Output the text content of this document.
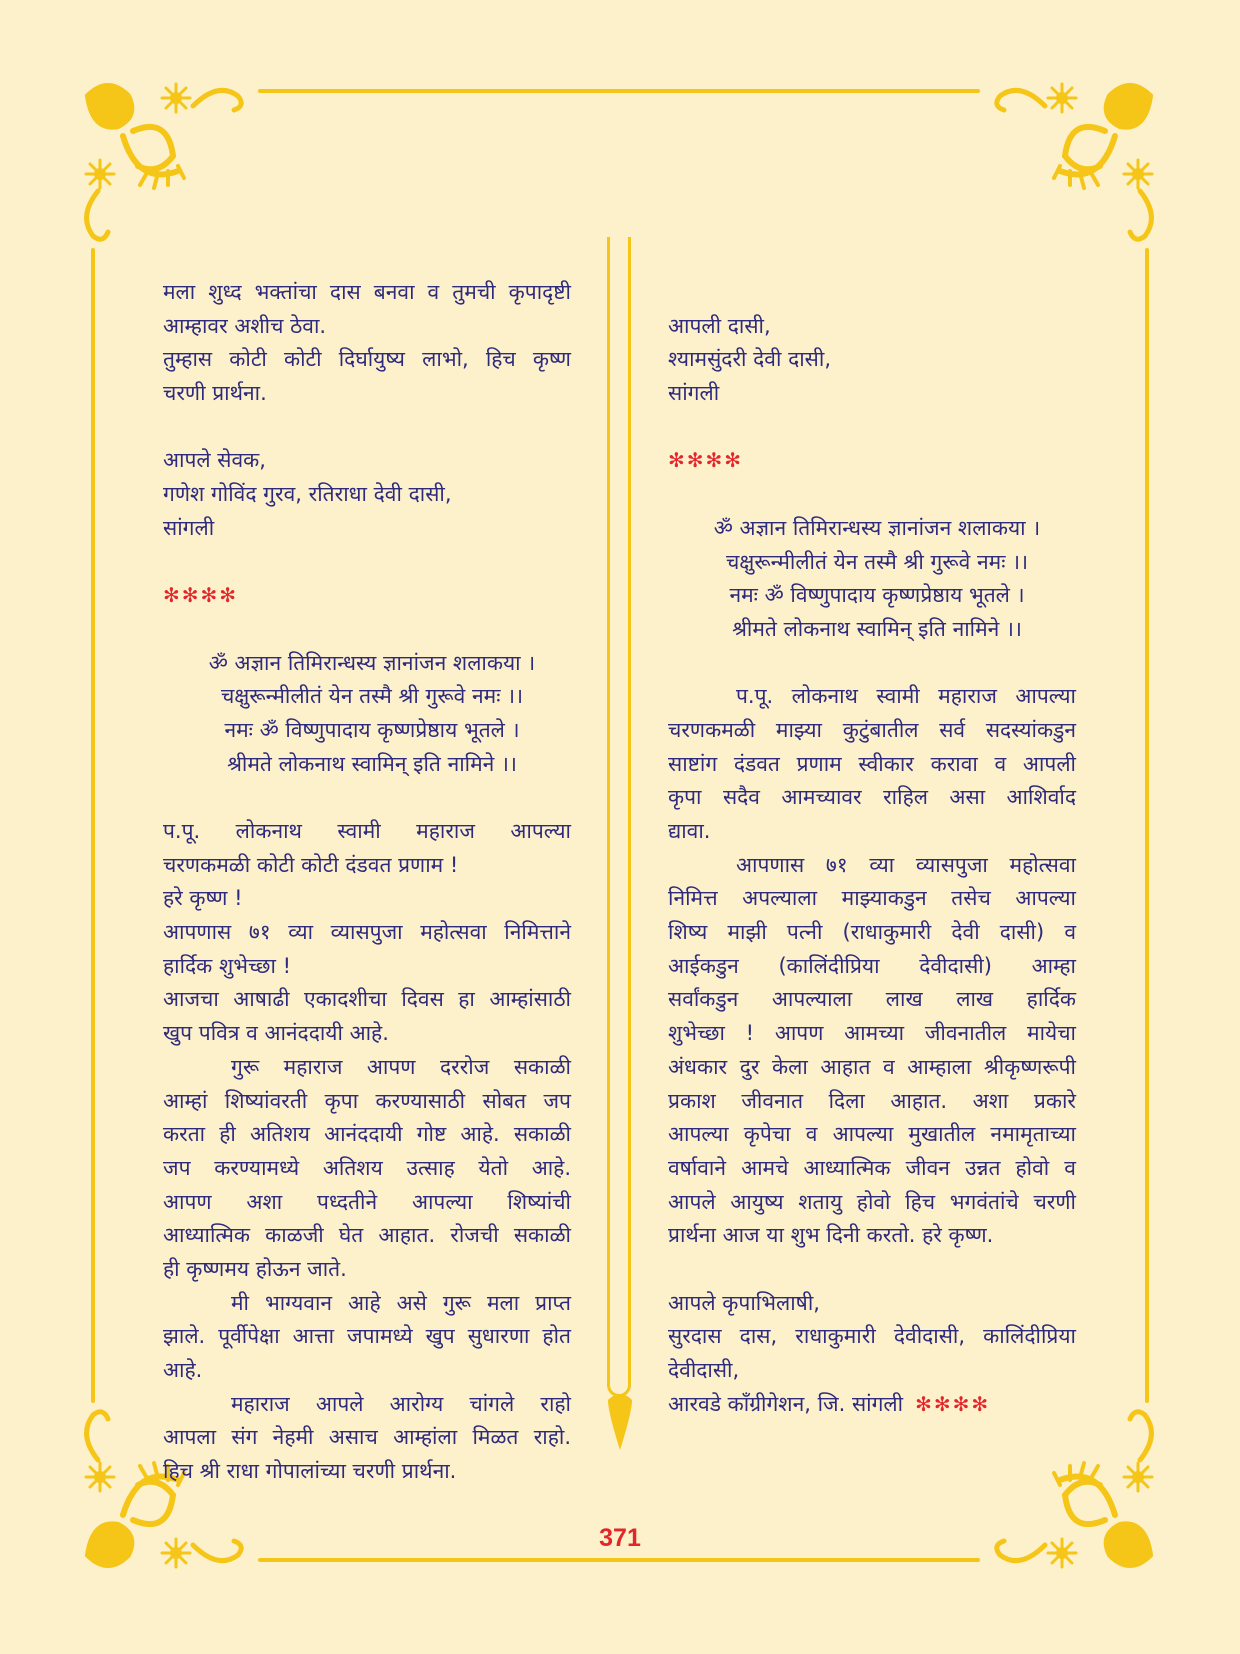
मला शुध्द भक्तांचा दास बनवा व तुमची कृपादृष्टी
आम्हावर अशीच ठेवा.
तुम्हास कोटी कोटी दिर्घायुष्य लाभो, हिच कृष्ण
चरणी प्रार्थना.
आपले सेवक,
गणेश गोविंद गुरव, रतिराधा देवी दासी,
सांगली
✻✻✻✻
ॐ अज्ञान तिमिरान्धस्य ज्ञानांजन शलाकया ।
चक्षुरून्मीलीतं येन तस्मै श्री गुरूवे नमः ।।
नमः ॐ विष्णुपादाय कृष्णप्रेष्ठाय भूतले ।
श्रीमते लोकनाथ स्वामिन् इति नामिने ।।
प.पू. लोकनाथ स्वामी महाराज आपल्या
चरणकमळी कोटी कोटी दंडवत प्रणाम !
हरे कृष्ण !
आपणास ७१ व्या व्यासपुजा महोत्सवा निमित्ताने
हार्दिक शुभेच्छा !
आजचा आषाढी एकादशीचा दिवस हा आम्हांसाठी
खुप पवित्र व आनंददायी आहे.
गुरू महाराज आपण दररोज सकाळी
आम्हां शिष्यांवरती कृपा करण्यासाठी सोबत जप
करता ही अतिशय आनंददायी गोष्ट आहे. सकाळी
जप करण्यामध्ये अतिशय उत्साह येतो आहे.
आपण अशा पध्दतीने आपल्या शिष्यांची
आध्यात्मिक काळजी घेत आहात. रोजची सकाळी
ही कृष्णमय होऊन जाते.
मी भाग्यवान आहे असे गुरू मला प्राप्त
झाले. पूर्वीपेक्षा आत्ता जपामध्ये खुप सुधारणा होत
आहे.
महाराज आपले आरोग्य चांगले राहो
आपला संग नेहमी असाच आम्हांला मिळत राहो.
हिच श्री राधा गोपालांच्या चरणी प्रार्थना.
आपली दासी,
श्यामसुंदरी देवी दासी,
सांगली
✻✻✻✻
ॐ अज्ञान तिमिरान्धस्य ज्ञानांजन शलाकया ।
चक्षुरून्मीलीतं येन तस्मै श्री गुरूवे नमः ।।
नमः ॐ विष्णुपादाय कृष्णप्रेष्ठाय भूतले ।
श्रीमते लोकनाथ स्वामिन् इति नामिने ।।
प.पू. लोकनाथ स्वामी महाराज आपल्या
चरणकमळी माझ्या कुटुंबातील सर्व सदस्यांकडुन
साष्टांग दंडवत प्रणाम स्वीकार करावा व आपली
कृपा सदैव आमच्यावर राहिल असा आशिर्वाद
द्यावा.
आपणास ७१ व्या व्यासपुजा महोत्सवा
निमित्त अपल्याला माझ्याकडुन तसेच आपल्या
शिष्य माझी पत्नी (राधाकुमारी देवी दासी) व
आईकडुन (कालिंदीप्रिया देवीदासी) आम्हा
सर्वांकडुन आपल्याला लाख लाख हार्दिक
शुभेच्छा ! आपण आमच्या जीवनातील मायेचा
अंधकार दुर केला आहात व आम्हाला श्रीकृष्णरूपी
प्रकाश जीवनात दिला आहात. अशा प्रकारे
आपल्या कृपेचा व आपल्या मुखातील नमामृताच्या
वर्षावाने आमचे आध्यात्मिक जीवन उन्नत होवो व
आपले आयुष्य शतायु होवो हिच भगवंतांचे चरणी
प्रार्थना आज या शुभ दिनी करतो. हरे कृष्ण.
आपले कृपाभिलाषी,
सुरदास दास, राधाकुमारी देवीदासी, कालिंदीप्रिया
देवीदासी,
आरवडे कॉंग्रीगेशन, जि. सांगली ✻✻✻✻
371
